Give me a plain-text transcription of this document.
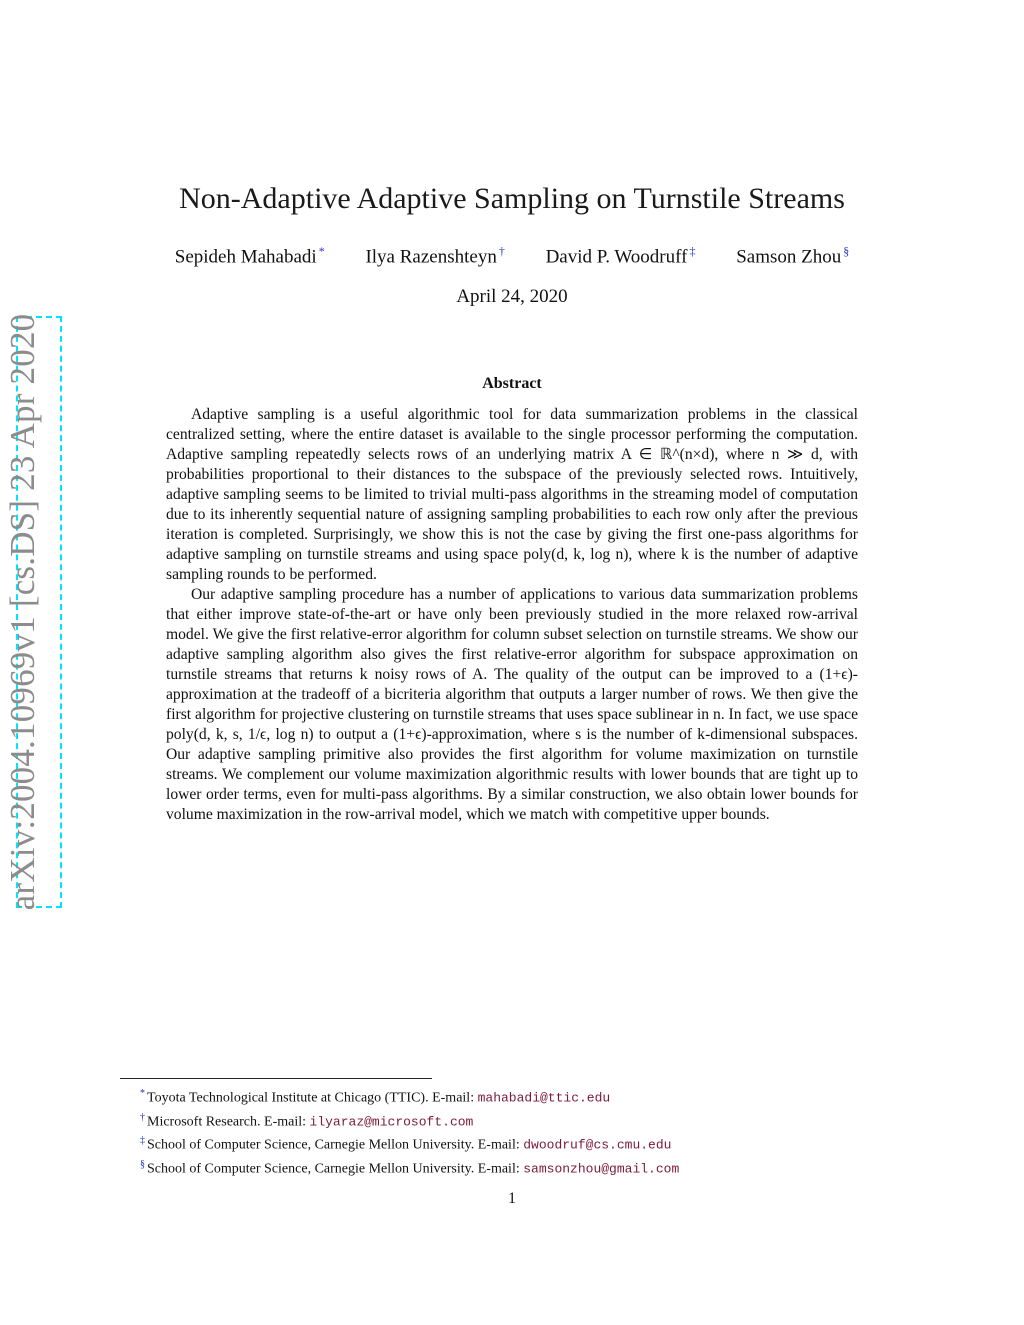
arXiv:2004.10969v1 [cs.DS] 23 Apr 2020
Non-Adaptive Adaptive Sampling on Turnstile Streams
Sepideh Mahabadi * Ilya Razenshteyn † David P. Woodruff ‡ Samson Zhou §
April 24, 2020
Abstract

Adaptive sampling is a useful algorithmic tool for data summarization problems in the classical centralized setting, where the entire dataset is available to the single processor performing the computation. Adaptive sampling repeatedly selects rows of an underlying matrix A ∈ ℝ^(n×d), where n ≫ d, with probabilities proportional to their distances to the subspace of the previously selected rows. Intuitively, adaptive sampling seems to be limited to trivial multi-pass algorithms in the streaming model of computation due to its inherently sequential nature of assigning sampling probabilities to each row only after the previous iteration is completed. Surprisingly, we show this is not the case by giving the first one-pass algorithms for adaptive sampling on turnstile streams and using space poly(d, k, log n), where k is the number of adaptive sampling rounds to be performed.

Our adaptive sampling procedure has a number of applications to various data summarization problems that either improve state-of-the-art or have only been previously studied in the more relaxed row-arrival model. We give the first relative-error algorithm for column subset selection on turnstile streams. We show our adaptive sampling algorithm also gives the first relative-error algorithm for subspace approximation on turnstile streams that returns k noisy rows of A. The quality of the output can be improved to a (1+ϵ)-approximation at the tradeoff of a bicriteria algorithm that outputs a larger number of rows. We then give the first algorithm for projective clustering on turnstile streams that uses space sublinear in n. In fact, we use space poly(d, k, s, 1/ϵ, log n) to output a (1+ϵ)-approximation, where s is the number of k-dimensional subspaces. Our adaptive sampling primitive also provides the first algorithm for volume maximization on turnstile streams. We complement our volume maximization algorithmic results with lower bounds that are tight up to lower order terms, even for multi-pass algorithms. By a similar construction, we also obtain lower bounds for volume maximization in the row-arrival model, which we match with competitive upper bounds.

* Toyota Technological Institute at Chicago (TTIC). E-mail: mahabadi@ttic.edu
† Microsoft Research. E-mail: ilyaraz@microsoft.com
‡ School of Computer Science, Carnegie Mellon University. E-mail: dwoodruf@cs.cmu.edu
§ School of Computer Science, Carnegie Mellon University. E-mail: samsonzhou@gmail.com
1
